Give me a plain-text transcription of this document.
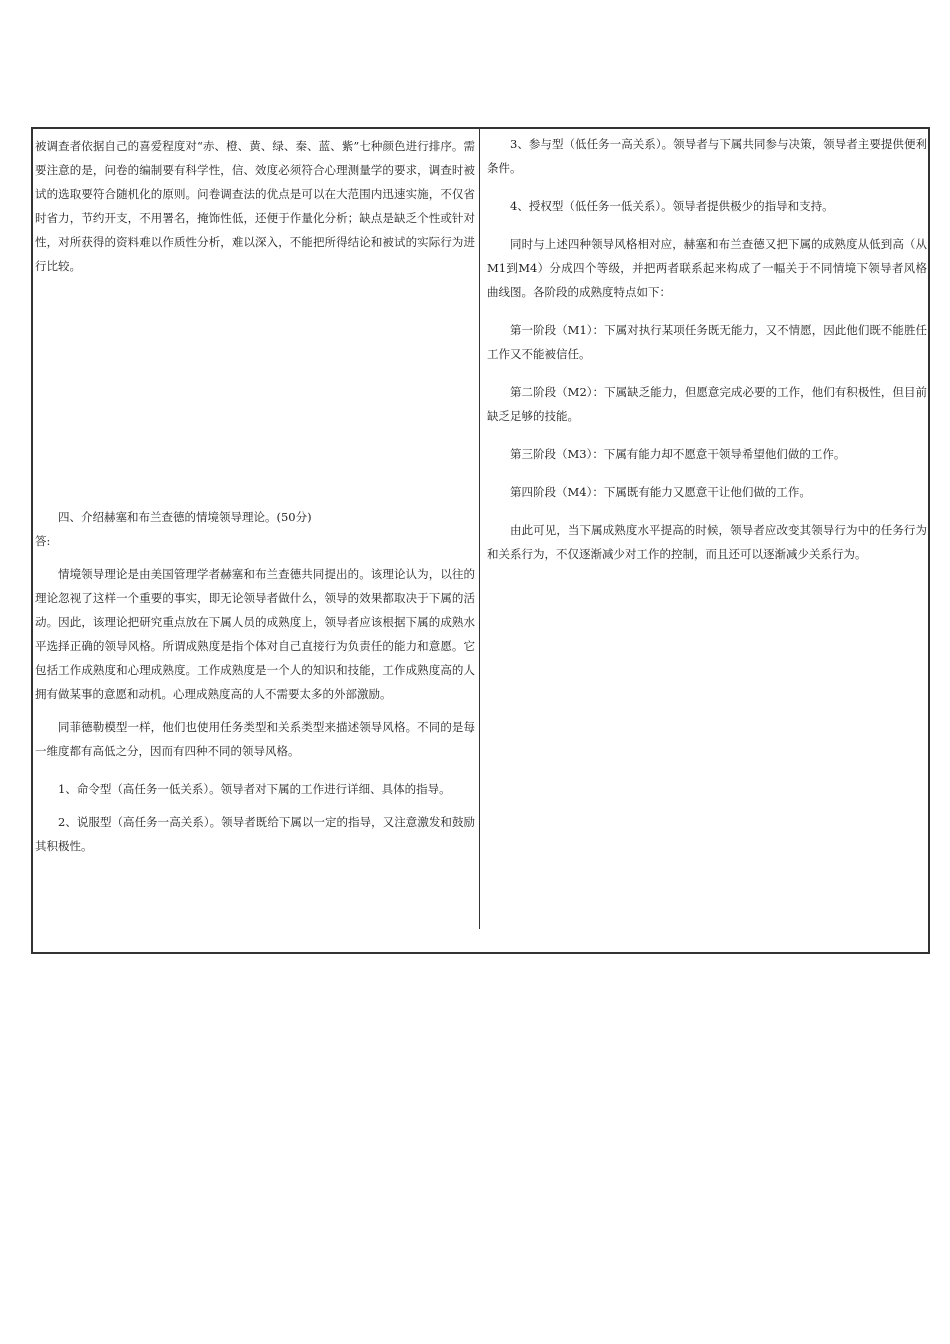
被调查者依据自己的喜爱程度对“赤、橙、黄、绿、秦、蓝、紫”七种颜色进行排序。需要注意的是，问卷的编制要有科学性，信、效度必须符合心理测量学的要求，调查时被试的选取要符合随机化的原则。问卷调查法的优点是可以在大范围内迅速实施，不仅省时省力，节约开支，不用署名，掩饰性低，还便于作量化分析；缺点是缺乏个性或针对性，对所获得的资料难以作质性分析，难以深入，不能把所得结论和被试的实际行为进行比较。

四、介绍赫塞和布兰查德的情境领导理论。(50分)

答:

情境领导理论是由美国管理学者赫塞和布兰查德共同提出的。该理论认为，以往的理论忽视了这样一个重要的事实，即无论领导者做什么，领导的效果都取决于下属的活动。因此，该理论把研究重点放在下属人员的成熟度上，领导者应该根据下属的成熟水平选择正确的领导风格。所谓成熟度是指个体对自己直接行为负责任的能力和意愿。它包括工作成熟度和心理成熟度。工作成熟度是一个人的知识和技能，工作成熟度高的人拥有做某事的意愿和动机。心理成熟度高的人不需要太多的外部激励。

同菲德勒模型一样，他们也使用任务类型和关系类型来描述领导风格。不同的是每一维度都有高低之分，因而有四种不同的领导风格。

1、命令型（高任务一低关系）。领导者对下属的工作进行详细、具体的指导。

2、说服型（高任务一高关系）。领导者既给下属以一定的指导，又注意激发和鼓励其积极性。

3、参与型（低任务一高关系）。领导者与下属共同参与决策，领导者主要提供便利条件。

4、授权型（低任务一低关系）。领导者提供极少的指导和支持。

同时与上述四种领导风格相对应，赫塞和布兰查德又把下属的成熟度从低到高（从M1到M4）分成四个等级，并把两者联系起来构成了一幅关于不同情境下领导者风格曲线图。各阶段的成熟度特点如下：

第一阶段（M1）：下属对执行某项任务既无能力，又不情愿，因此他们既不能胜任工作又不能被信任。

第二阶段（M2）：下属缺乏能力，但愿意完成必要的工作，他们有积极性，但目前缺乏足够的技能。

第三阶段（M3）：下属有能力却不愿意干领导希望他们做的工作。

第四阶段（M4）：下属既有能力又愿意干让他们做的工作。

由此可见，当下属成熟度水平提高的时候，领导者应改变其领导行为中的任务行为和关系行为，不仅逐渐减少对工作的控制，而且还可以逐渐减少关系行为。
